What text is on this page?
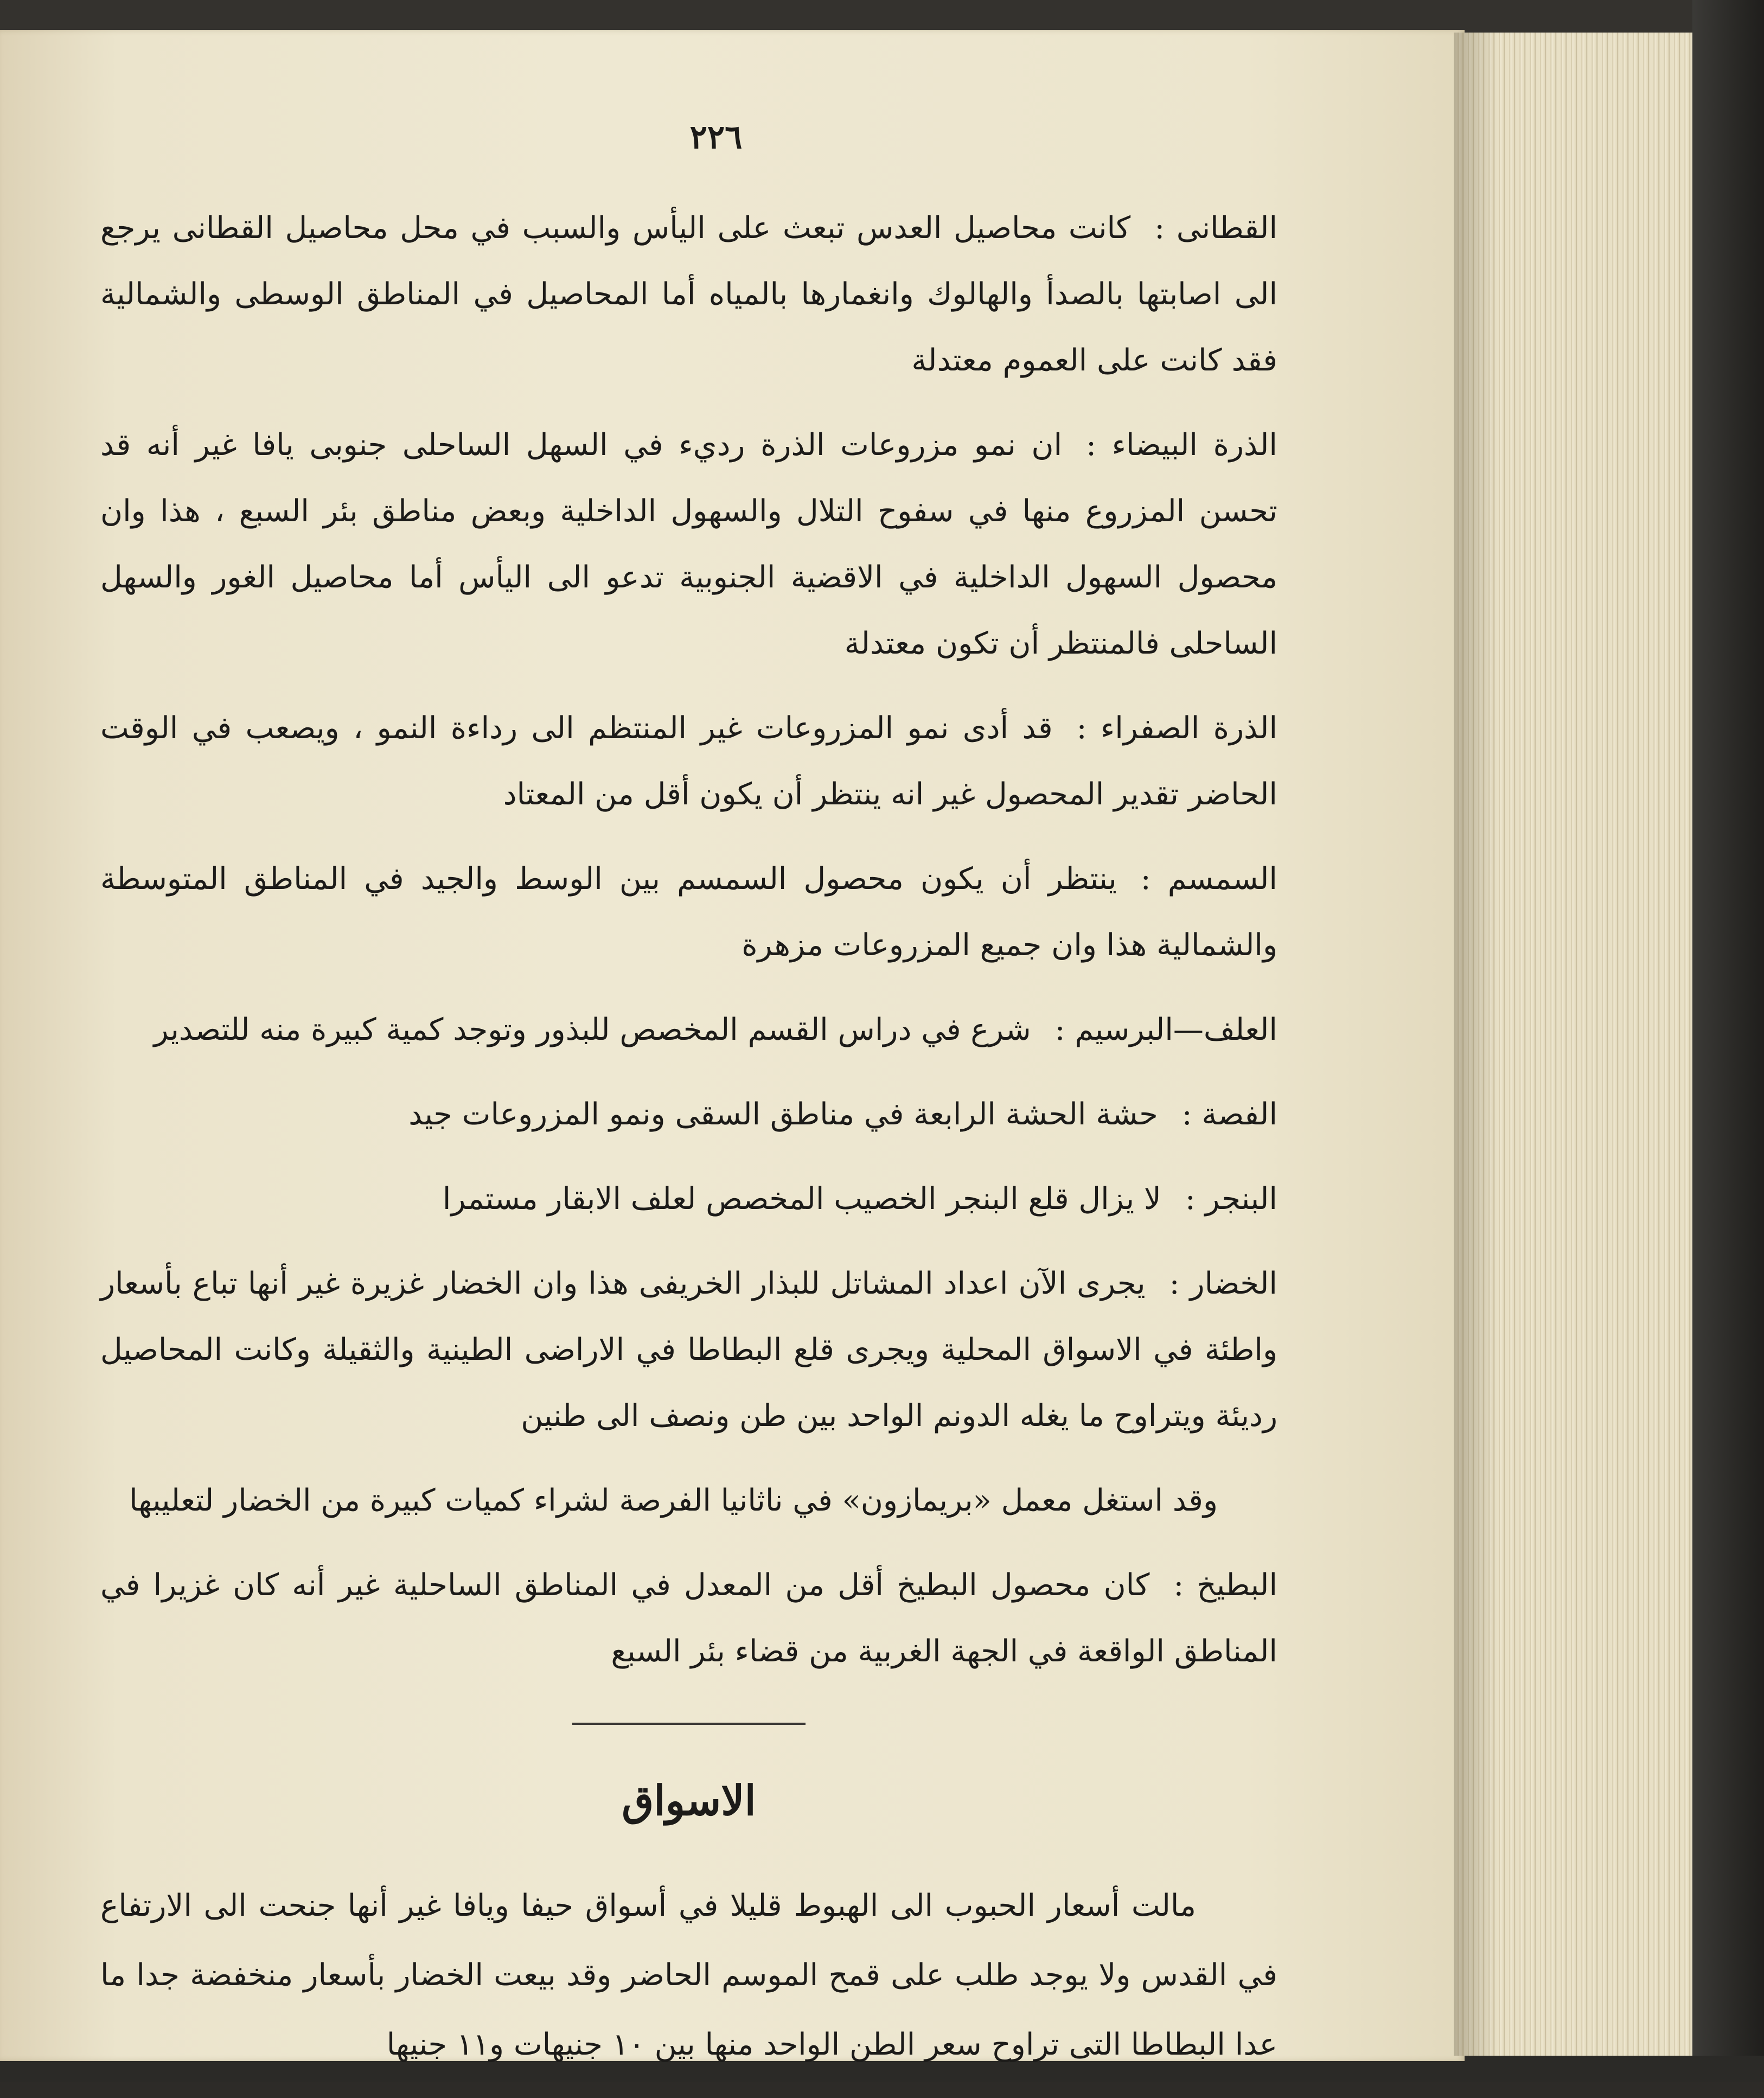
٢٢٦

القطانى :كانت محاصيل العدس تبعث على اليأس والسبب في محل محاصيل القطانى يرجع الى اصابتها بالصدأ والهالوك وانغمارها بالمياه أما المحاصيل في المناطق الوسطى والشمالية فقد كانت على العموم معتدلة

الذرة البيضاء :ان نمو مزروعات الذرة رديء في السهل الساحلى جنوبى يافا غير أنه قد تحسن المزروع منها في سفوح التلال والسهول الداخلية وبعض مناطق بئر السبع ، هذا وان محصول السهول الداخلية في الاقضية الجنوبية تدعو الى اليأس أما محاصيل الغور والسهل الساحلى فالمنتظر أن تكون معتدلة

الذرة الصفراء :قد أدى نمو المزروعات غير المنتظم الى رداءة النمو ، ويصعب في الوقت الحاضر تقدير المحصول غير انه ينتظر أن يكون أقل من المعتاد

السمسم :ينتظر أن يكون محصول السمسم بين الوسط والجيد في المناطق المتوسطة والشمالية هذا وان جميع المزروعات مزهرة

العلف—البرسيم :شرع في دراس القسم المخصص للبذور وتوجد كمية كبيرة منه للتصدير

الفصة :حشة الحشة الرابعة في مناطق السقى ونمو المزروعات جيد

البنجر :لا يزال قلع البنجر الخصيب المخصص لعلف الابقار مستمرا

الخضار :يجرى الآن اعداد المشاتل للبذار الخريفى هذا وان الخضار غزيرة غير أنها تباع بأسعار واطئة في الاسواق المحلية ويجرى قلع البطاطا في الاراضى الطينية والثقيلة وكانت المحاصيل رديئة ويتراوح ما يغله الدونم الواحد بين طن ونصف الى طنين

وقد استغل معمل «بريمازون» في ناثانيا الفرصة لشراء كميات كبيرة من الخضار لتعليبها

البطيخ :كان محصول البطيخ أقل من المعدل في المناطق الساحلية غير أنه كان غزيرا في المناطق الواقعة في الجهة الغربية من قضاء بئر السبع

الاسواق

مالت أسعار الحبوب الى الهبوط قليلا في أسواق حيفا ويافا غير أنها جنحت الى الارتفاع في القدس ولا يوجد طلب على قمح الموسم الحاضر وقد بيعت الخضار بأسعار منخفضة جدا ما عدا البطاطا التى تراوح سعر الطن الواحد منها بين ١٠ جنيهات و١١ جنيها
